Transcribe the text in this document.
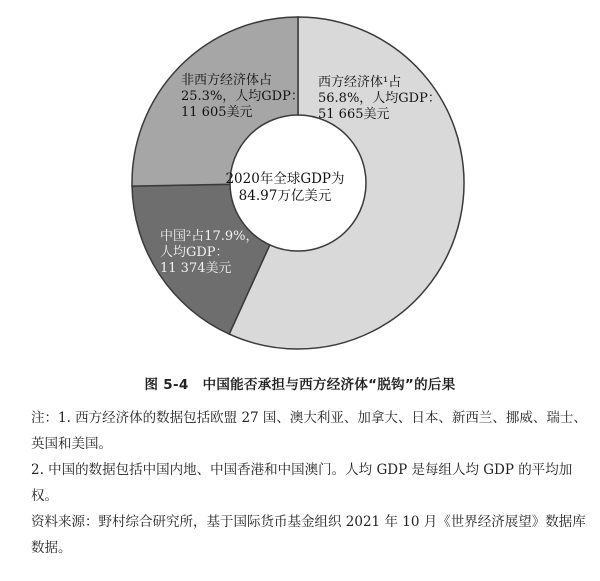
西方经济体¹占
56.8%，人均GDP：
51 665美元
非西方经济体占
25.3%，人均GDP：
11 605美元
中国²占17.9%，
人均GDP：
11 374美元
2020年全球GDP为
84.97万亿美元
图 5-4 中国能否承担与西方经济体“脱钩”的后果

注：1. 西方经济体的数据包括欧盟 27 国、澳大利亚、加拿大、日本、新西兰、挪威、瑞士、英国和美国。

2. 中国的数据包括中国内地、中国香港和中国澳门。人均 GDP 是每组人均 GDP 的平均加权。

资料来源：野村综合研究所，基于国际货币基金组织 2021 年 10 月《世界经济展望》数据库数据。
